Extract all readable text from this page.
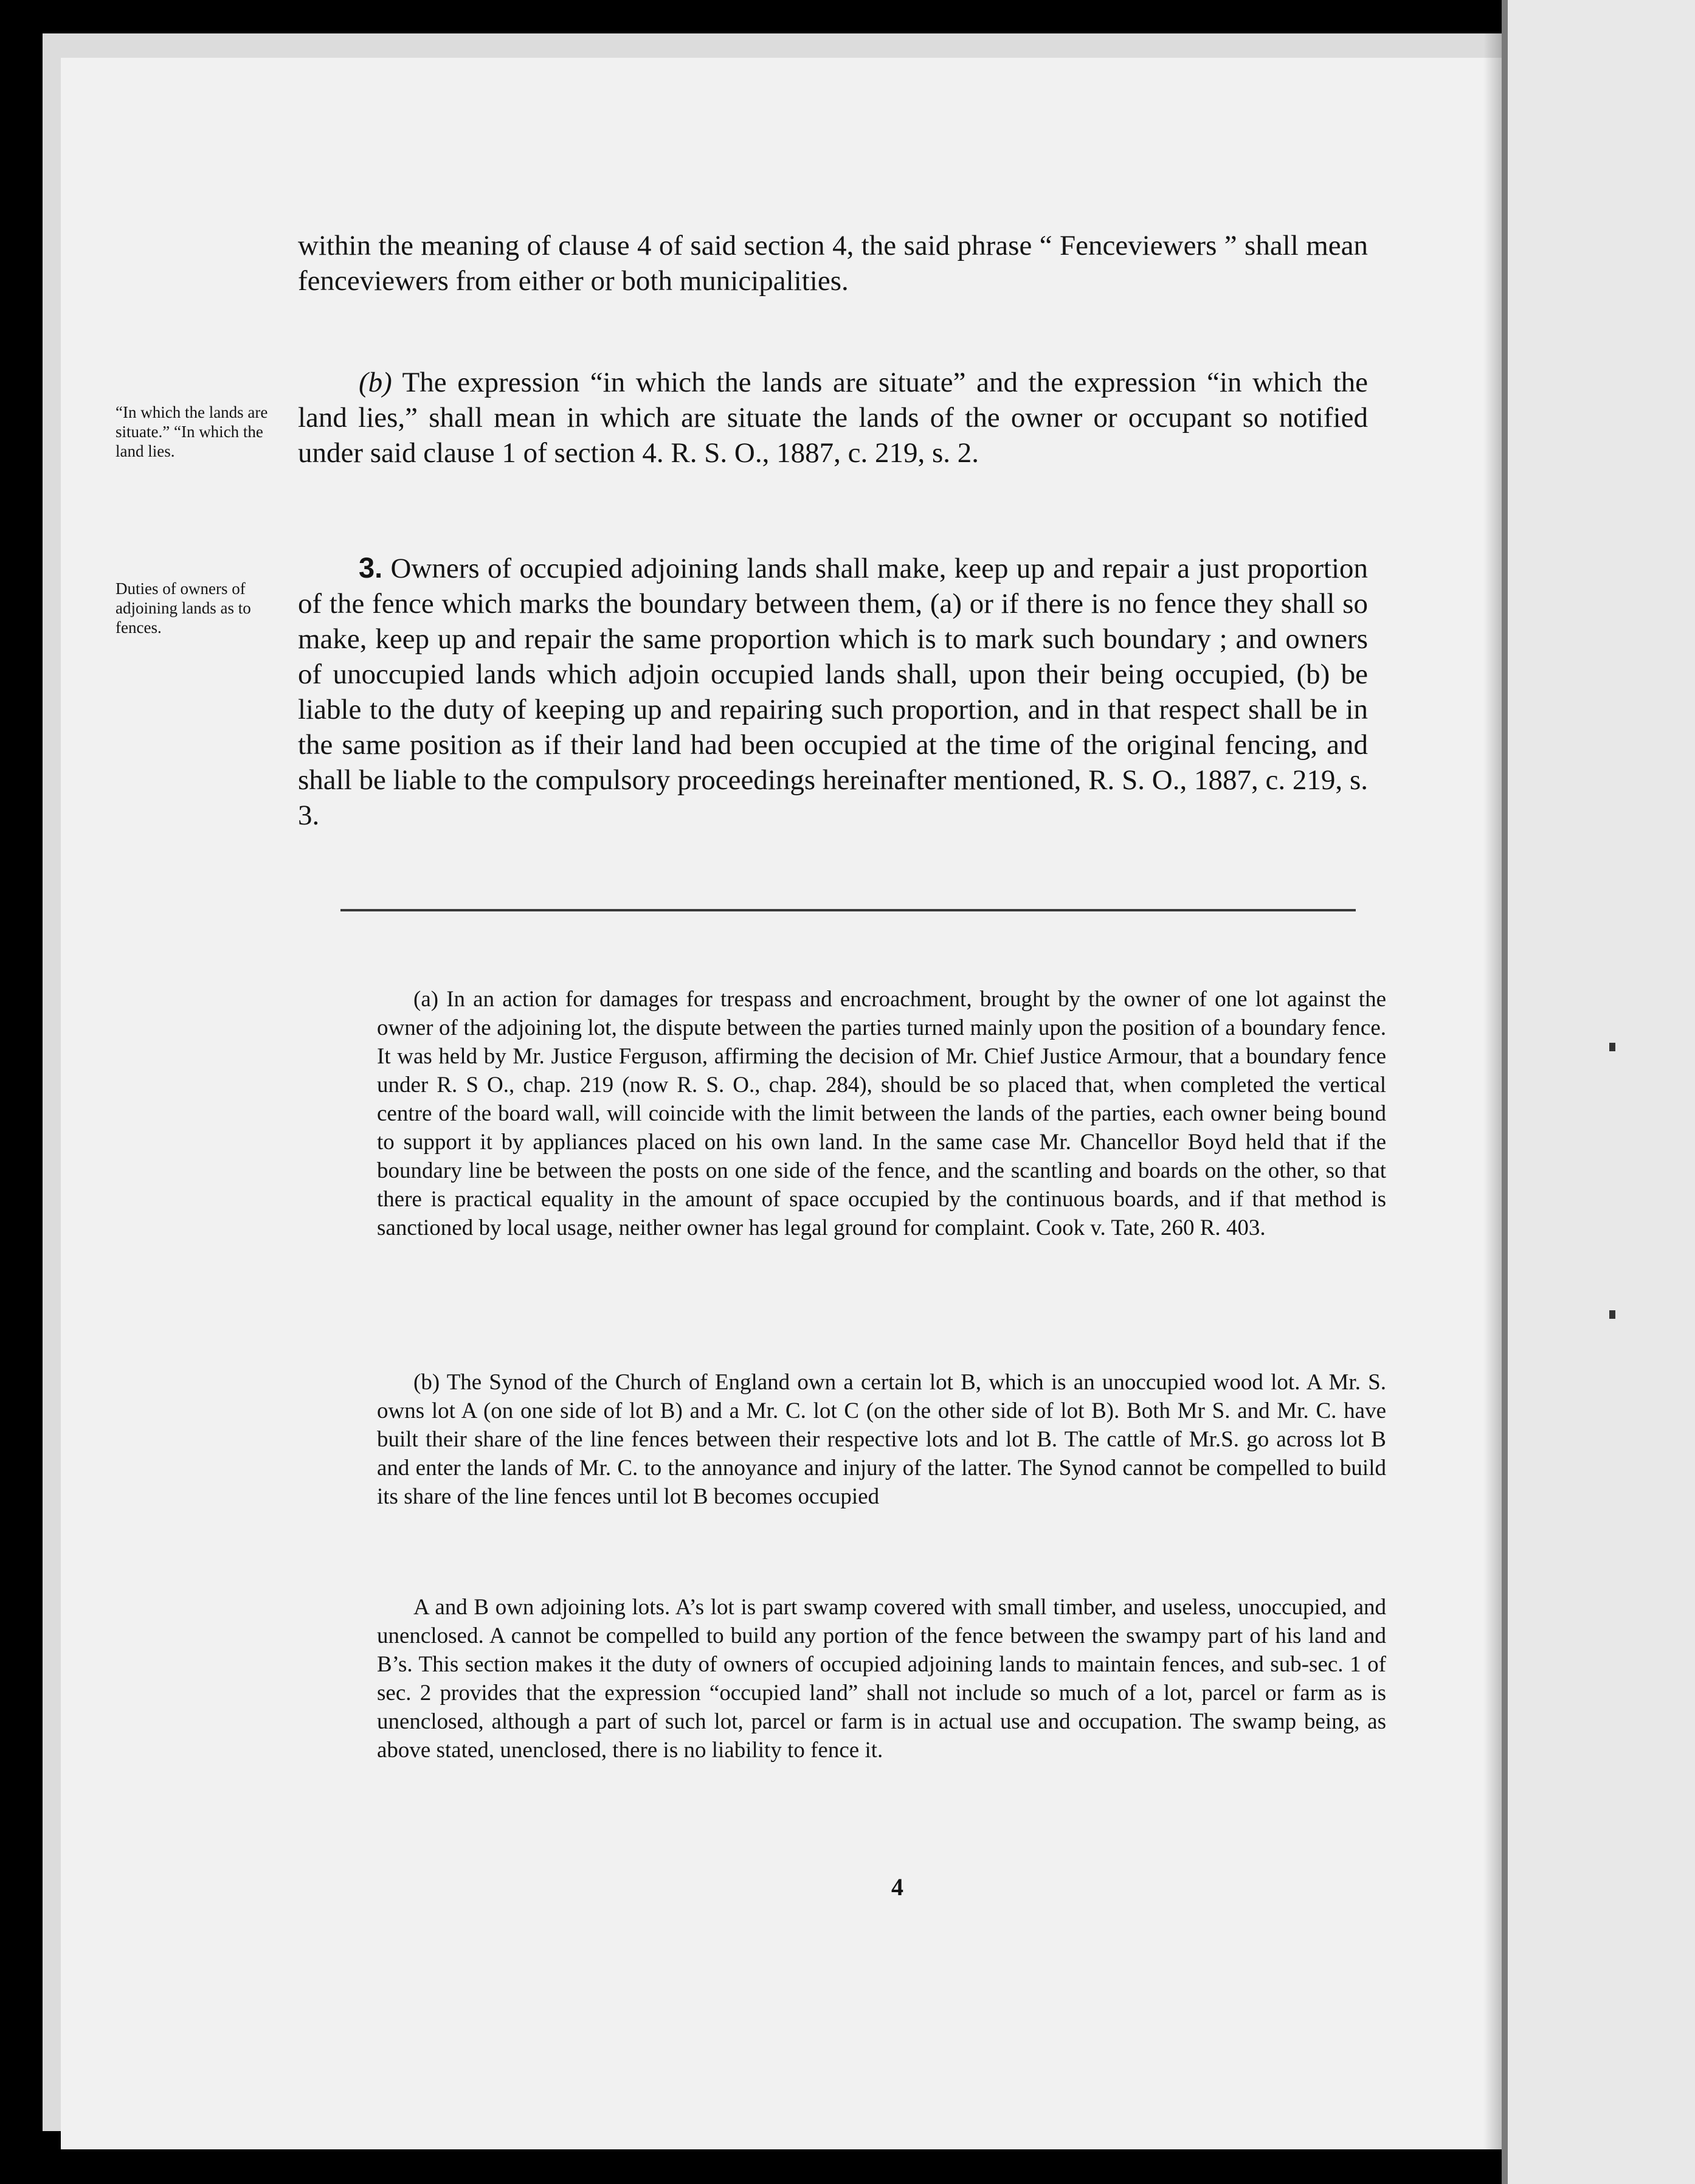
within the meaning of clause 4 of said section 4, the said phrase “ Fenceviewers ” shall mean fenceviewers from either or both municipalities.

“In which the lands are situate.” “In which the land lies.

(b) The expression “in which the lands are situate” and the expression “in which the land lies,” shall mean in which are situate the lands of the owner or occupant so notified under said clause 1 of section 4. R. S. O., 1887, c. 219, s. 2.

Duties of owners of adjoining lands as to fences.

3. Owners of occupied adjoining lands shall make, keep up and repair a just proportion of the fence which marks the boundary between them, (a) or if there is no fence they shall so make, keep up and repair the same proportion which is to mark such boundary ; and owners of unoccupied lands which adjoin occupied lands shall, upon their being occupied, (b) be liable to the duty of keeping up and repairing such proportion, and in that respect shall be in the same position as if their land had been occupied at the time of the original fencing, and shall be liable to the compulsory proceedings hereinafter mentioned, R. S. O., 1887, c. 219, s. 3.

(a) In an action for damages for trespass and encroachment, brought by the owner of one lot against the owner of the adjoining lot, the dispute between the parties turned mainly upon the position of a boundary fence. It was held by Mr. Justice Ferguson, affirming the decision of Mr. Chief Justice Armour, that a boundary fence under R. S O., chap. 219 (now R. S. O., chap. 284), should be so placed that, when completed the vertical centre of the board wall, will coincide with the limit between the lands of the parties, each owner being bound to support it by appliances placed on his own land. In the same case Mr. Chancellor Boyd held that if the boundary line be between the posts on one side of the fence, and the scantling and boards on the other, so that there is practical equality in the amount of space occupied by the continuous boards, and if that method is sanctioned by local usage, neither owner has legal ground for complaint. Cook v. Tate, 260 R. 403.

(b) The Synod of the Church of England own a certain lot B, which is an unoccupied wood lot. A Mr. S. owns lot A (on one side of lot B) and a Mr. C. lot C (on the other side of lot B). Both Mr S. and Mr. C. have built their share of the line fences between their respective lots and lot B. The cattle of Mr.S. go across lot B and enter the lands of Mr. C. to the annoyance and injury of the latter. The Synod cannot be compelled to build its share of the line fences until lot B becomes occupied

A and B own adjoining lots. A’s lot is part swamp covered with small timber, and useless, unoccupied, and unenclosed. A cannot be compelled to build any portion of the fence between the swampy part of his land and B’s. This section makes it the duty of owners of occupied adjoining lands to maintain fences, and sub-sec. 1 of sec. 2 provides that the expression “occupied land” shall not include so much of a lot, parcel or farm as is unenclosed, although a part of such lot, parcel or farm is in actual use and occupation. The swamp being, as above stated, unenclosed, there is no liability to fence it.

4
